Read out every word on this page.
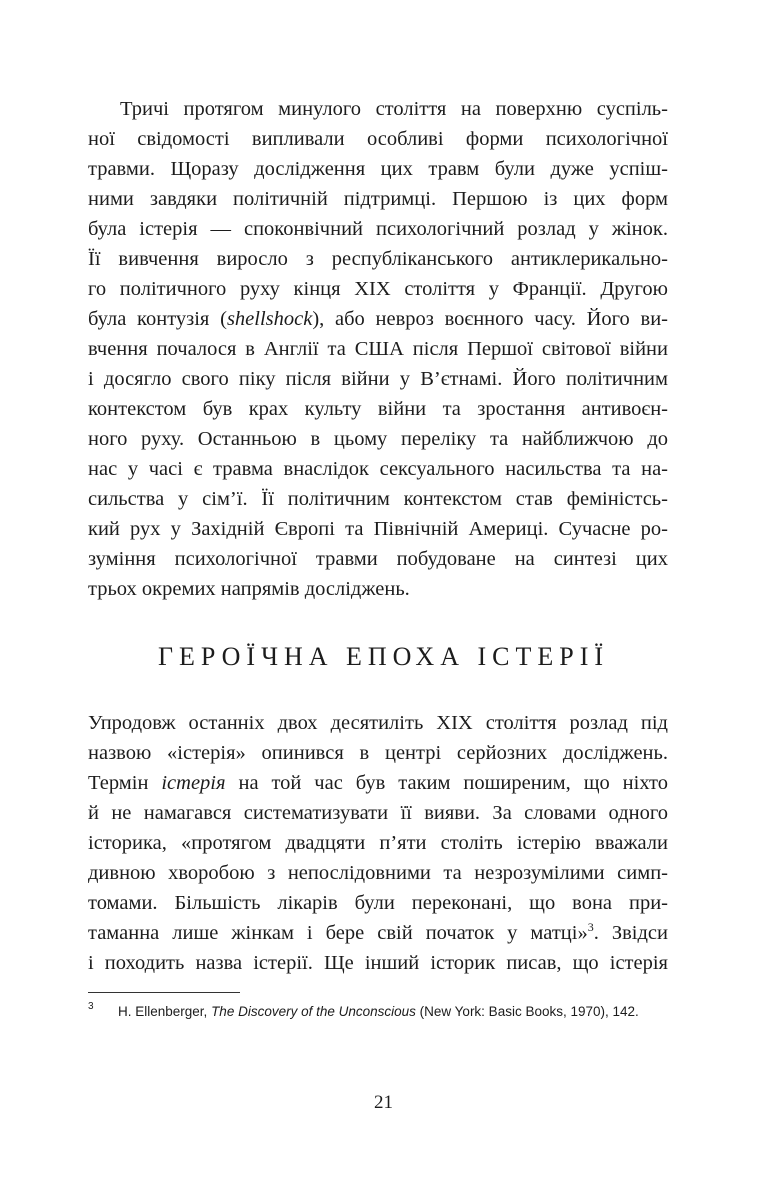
Тричі протягом минулого століття на поверхню суспіль-

ної свідомості випливали особливі форми психологічної

травми. Щоразу дослідження цих травм були дуже успіш-

ними завдяки політичній підтримці. Першою із цих форм

була істерія — споконвічний психологічний розлад у жінок.

Її вивчення виросло з республіканського антиклерикально-

го політичного руху кінця XIX століття у Франції. Другою

була контузія (shellshock), або невроз воєнного часу. Його ви-

вчення почалося в Англії та США після Першої світової війни

і досягло свого піку після війни у В’єтнамі. Його політичним

контекстом був крах культу війни та зростання антивоєн-

ного руху. Останньою в цьому переліку та найближчою до

нас у часі є травма внаслідок сексуального насильства та на-

сильства у сім’ї. Її політичним контекстом став феміністсь-

кий рух у Західній Європі та Північній Америці. Сучасне ро-

зуміння психологічної травми побудоване на синтезі цих

трьох окремих напрямів досліджень.

ГЕРОЇЧНА ЕПОХА ІСТЕРІЇ

Упродовж останніх двох десятиліть XIX століття розлад під

назвою «істерія» опинився в центрі серйозних досліджень.

Термін істерія на той час був таким поширеним, що ніхто

й не намагався систематизувати її вияви. За словами одного

історика, «протягом двадцяти п’яти століть істерію вважали

дивною хворобою з непослідовними та незрозумілими симп-

томами. Більшість лікарів були переконані, що вона при-

таманна лише жінкам і бере свій початок у матці»$^3$. Звідси

і походить назва істерії. Ще інший історик писав, що істерія

3 H. Ellenberger, The Discovery of the Unconscious (New York: Basic Books, 1970), 142.
21
